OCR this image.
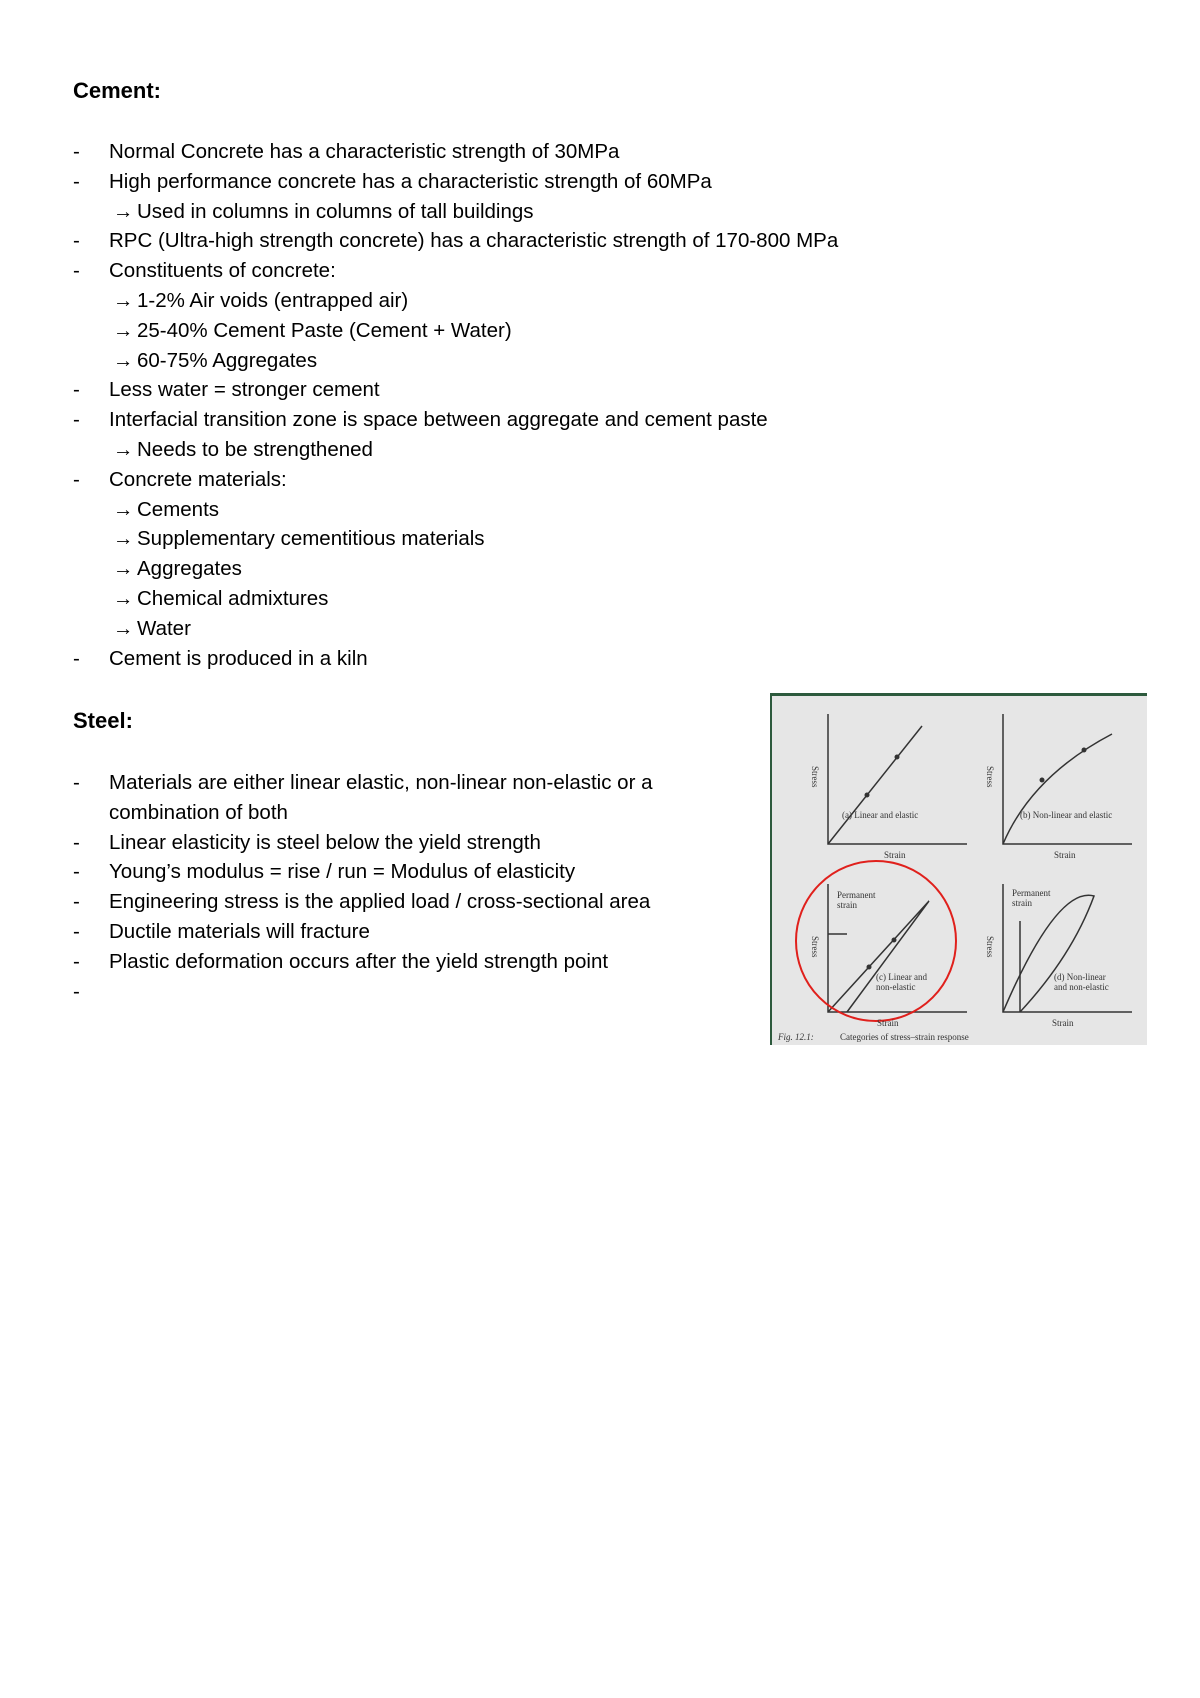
Cement:
- Normal Concrete has a characteristic strength of 30MPa
- High performance concrete has a characteristic strength of 60MPa
→ Used in columns in columns of tall buildings
- RPC (Ultra-high strength concrete) has a characteristic strength of 170-800 MPa
- Constituents of concrete:
→ 1-2% Air voids (entrapped air)
→ 25-40% Cement Paste (Cement + Water)
→ 60-75% Aggregates
- Less water = stronger cement
- Interfacial transition zone is space between aggregate and cement paste
→ Needs to be strengthened
- Concrete materials:
→ Cements
→ Supplementary cementitious materials
→ Aggregates
→ Chemical admixtures
→ Water
- Cement is produced in a kiln
Steel:
- Materials are either linear elastic, non-linear non-elastic or a
combination of both
- Linear elasticity is steel below the yield strength
- Young’s modulus = rise / run = Modulus of elasticity
- Engineering stress is the applied load / cross-sectional area
- Ductile materials will fracture
- Plastic deformation occurs after the yield strength point
-
(a) Linear and elastic
Strain
Stress
(b) Non-linear and elastic
Strain
Stress
Permanent
strain
(c) Linear and
non-elastic
Strain
Stress
Permanent
strain
(d) Non-linear
and non-elastic
Strain
Stress
Fig. 12.1:	Categories of stress–strain response
